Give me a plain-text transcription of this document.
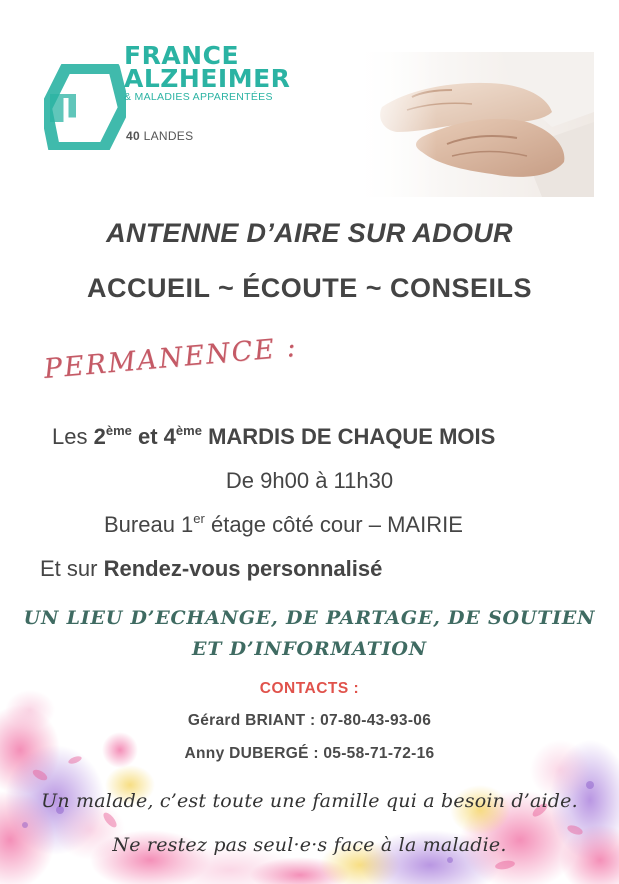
FRANCE
ALZHEIMER
& MALADIES APPARENTÉES
40 LANDES
ANTENNE D’AIRE SUR ADOUR
ACCUEIL ~ ÉCOUTE ~ CONSEILS
PERMANENCE :
Les 2ème et 4ème MARDIS DE CHAQUE MOIS
De 9h00 à 11h30
Bureau 1er étage côté cour – MAIRIE
Et sur Rendez-vous personnalisé
UN LIEU D’ECHANGE, DE PARTAGE, DE SOUTIEN
ET D’INFORMATION
CONTACTS :
Gérard BRIANT : 07-80-43-93-06
Anny DUBERGÉ : 05-58-71-72-16
Un malade, c’est toute une famille qui a besoin d’aide.
Ne restez pas seul·e·s face à la maladie.
